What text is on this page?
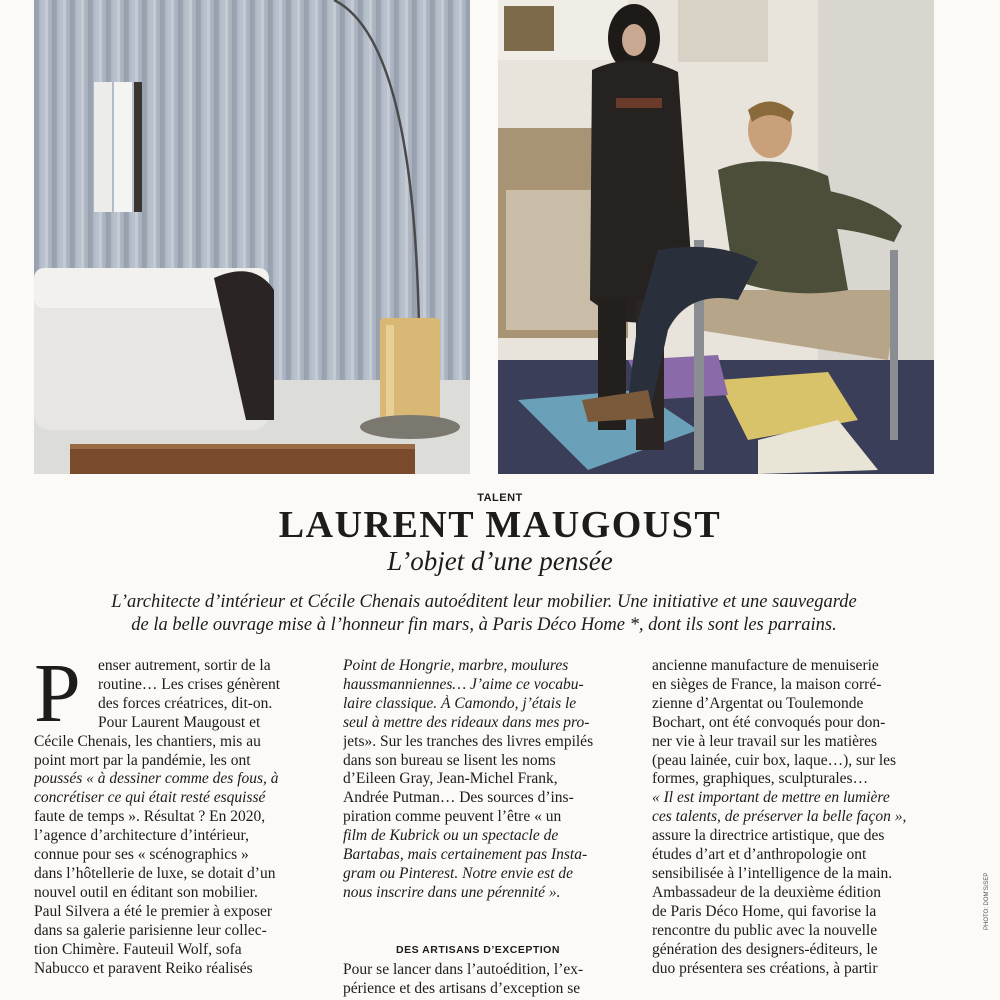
TALENT
LAURENT MAUGOUST
L’objet d’une pensée
L’architecte d’intérieur et Cécile Chenais autoéditent leur mobilier. Une initiative et une sauvegarde
de la belle ouvrage mise à l’honneur fin mars, à Paris Déco Home *, dont ils sont les parrains.
P	enser autrement, sortir de la
routine… Les crises génèrent
des forces créatrices, dit-on.
Pour Laurent Maugoust et
Cécile Chenais, les chantiers, mis au
point mort par la pandémie, les ont
poussés « à dessiner comme des fous, à
concrétiser ce qui était resté esquissé
faute de temps ». Résultat ? En 2020,
l’agence d’architecture d’intérieur,
connue pour ses « scénographics »
dans l’hôtellerie de luxe, se dotait d’un
nouvel outil en éditant son mobilier.
Paul Silvera a été le premier à exposer
dans sa galerie parisienne leur collec-
tion Chimère. Fauteuil Wolf, sofa
Nabucco et paravent Reiko réalisés
Point de Hongrie, marbre, moulures
haussmanniennes… J’aime ce vocabu-
laire classique. À Camondo, j’étais le
seul à mettre des rideaux dans mes pro-
jets». Sur les tranches des livres empilés
dans son bureau se lisent les noms
d’Eileen Gray, Jean-Michel Frank,
Andrée Putman… Des sources d’ins-
piration comme peuvent l’être « un
film de Kubrick ou un spectacle de
Bartabas, mais certainement pas Insta-
gram ou Pinterest. Notre envie est de
nous inscrire dans une pérennité ».
DES ARTISANS D’EXCEPTION
Pour se lancer dans l’autoédition, l’ex-
périence et des artisans d’exception se
ancienne manufacture de menuiserie
en sièges de France, la maison corré-
zienne d’Argentat ou Toulemonde
Bochart, ont été convoqués pour don-
ner vie à leur travail sur les matières
(peau lainée, cuir box, laque…), sur les
formes, graphiques, sculpturales…
« Il est important de mettre en lumière
ces talents, de préserver la belle façon »,
assure la directrice artistique, que des
études d’art et d’anthropologie ont
sensibilisée à l’intelligence de la main.
Ambassadeur de la deuxième édition
de Paris Déco Home, qui favorise la
rencontre du public avec la nouvelle
génération des designers-éditeurs, le
duo présentera ses créations, à partir
PHOTO: DOM'S/SEP
